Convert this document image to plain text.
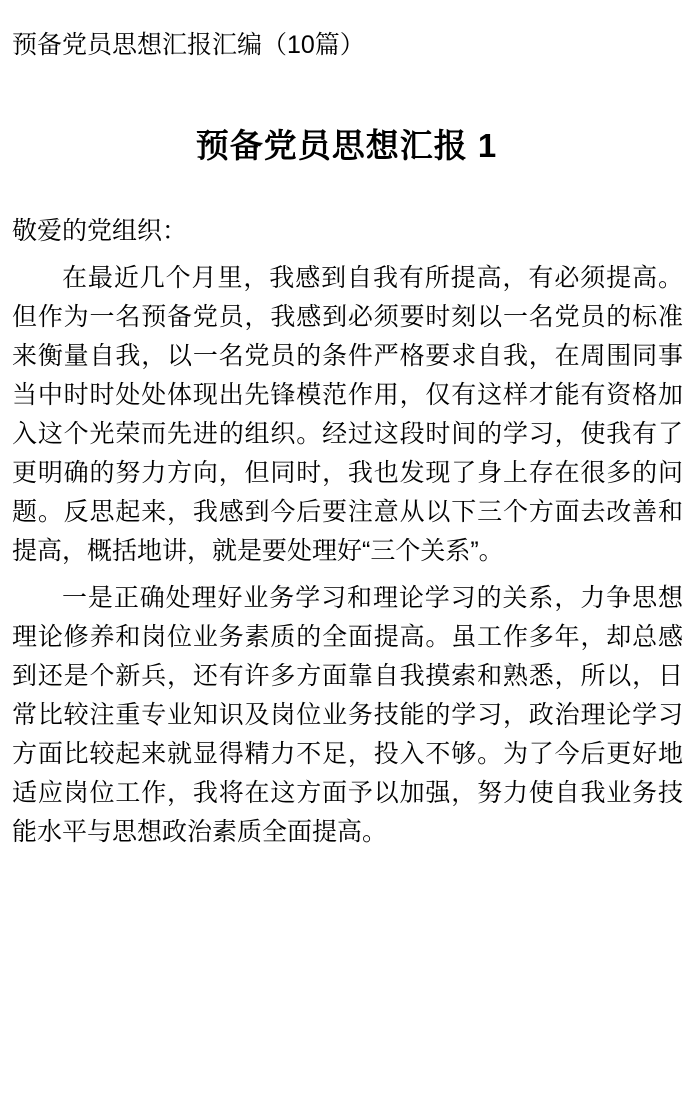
预备党员思想汇报汇编（10篇）
预备党员思想汇报 1
敬爱的党组织：

在最近几个月里，我感到自我有所提高，有必须提高。但作为一名预备党员，我感到必须要时刻以一名党员的标准来衡量自我，以一名党员的条件严格要求自我，在周围同事当中时时处处体现出先锋模范作用，仅有这样才能有资格加入这个光荣而先进的组织。经过这段时间的学习，使我有了更明确的努力方向，但同时，我也发现了身上存在很多的问题。反思起来，我感到今后要注意从以下三个方面去改善和提高，概括地讲，就是要处理好“三个关系”。

一是正确处理好业务学习和理论学习的关系，力争思想理论修养和岗位业务素质的全面提高。虽工作多年，却总感到还是个新兵，还有许多方面靠自我摸索和熟悉，所以，日常比较注重专业知识及岗位业务技能的学习，政治理论学习方面比较起来就显得精力不足，投入不够。为了今后更好地适应岗位工作，我将在这方面予以加强，努力使自我业务技能水平与思想政治素质全面提高。
